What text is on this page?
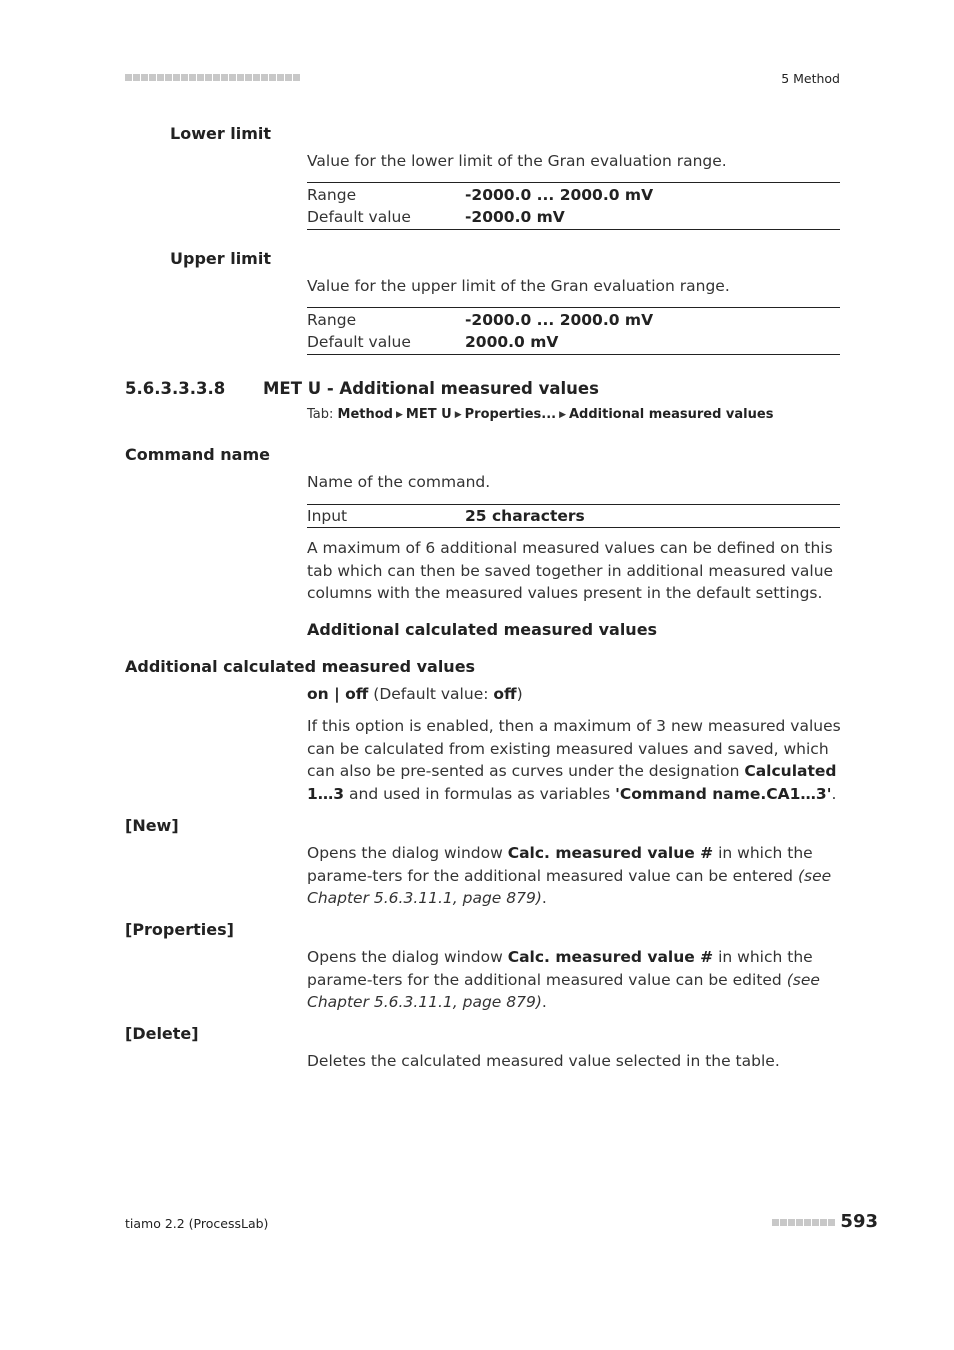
5 Method
Lower limit
Value for the lower limit of the Gran evaluation range.
Range	-2000.0 ... 2000.0 mV
Default value	-2000.0 mV
Upper limit
Value for the upper limit of the Gran evaluation range.
Range	-2000.0 ... 2000.0 mV
Default value	2000.0 mV
5.6.3.3.3.8 MET U - Additional measured values
Tab: Method ▶ MET U ▶ Properties... ▶ Additional measured values
Command name
Name of the command.
Input	25 characters
A maximum of 6 additional measured values can be defined on this tab which can then be saved together in additional measured value columns with the measured values present in the default settings.
Additional calculated measured values
Additional calculated measured values
on | off (Default value: off)
If this option is enabled, then a maximum of 3 new measured values can be calculated from existing measured values and saved, which can also be pre-sented as curves under the designation Calculated 1…3 and used in formulas as variables 'Command name.CA1…3'.
[New]
Opens the dialog window Calc. measured value # in which the parame-ters for the additional measured value can be entered (see Chapter 5.6.3.11.1, page 879).
[Properties]
Opens the dialog window Calc. measured value # in which the parame-ters for the additional measured value can be edited (see Chapter 5.6.3.11.1, page 879).
[Delete]
Deletes the calculated measured value selected in the table.
tiamo 2.2 (ProcessLab)	593
